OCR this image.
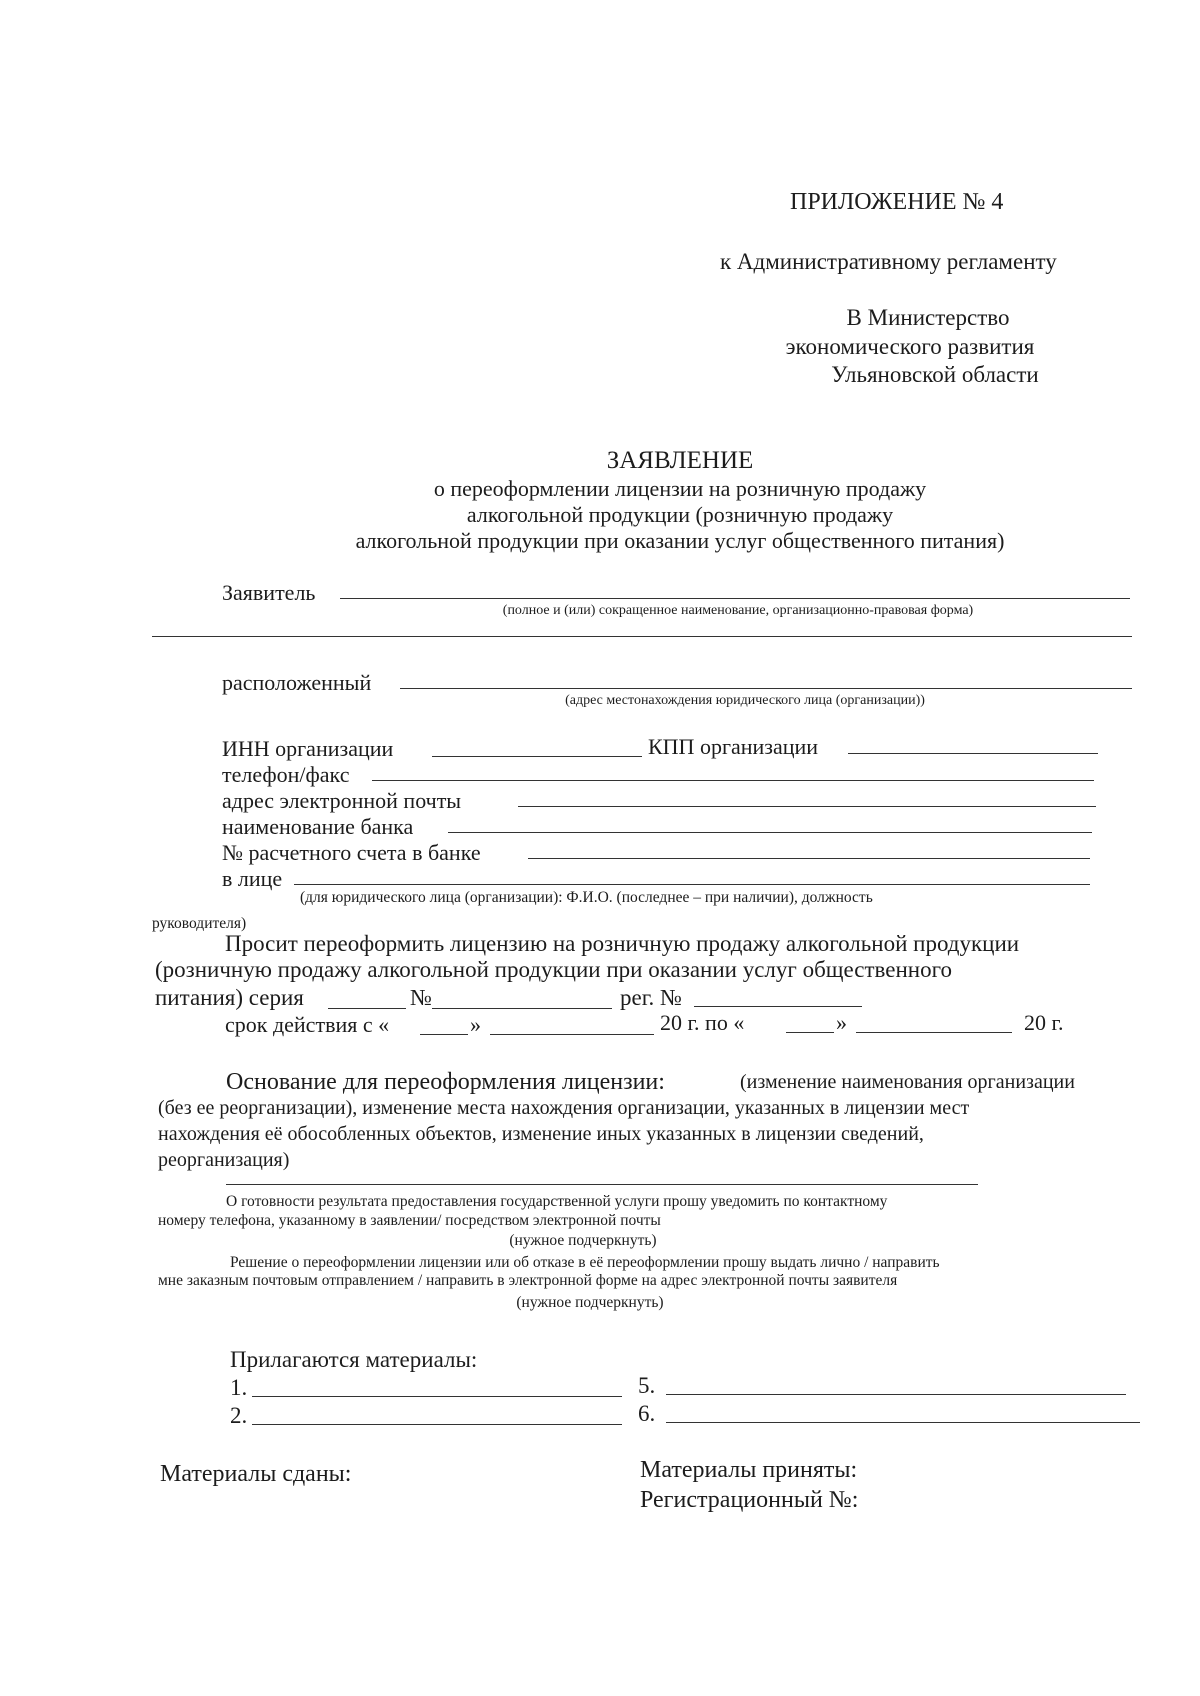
ПРИЛОЖЕНИЕ № 4
к Административному регламенту
В Министерство
экономического развития
Ульяновской области
ЗАЯВЛЕНИЕ
о переоформлении лицензии на розничную продажу
алкогольной продукции (розничную продажу
алкогольной продукции при оказании услуг общественного питания)
Заявитель
(полное и (или) сокращенное наименование, организационно-правовая форма)
расположенный
(адрес местонахождения юридического лица (организации))
ИНН организации	КПП организации
телефон/факс
адрес электронной почты
наименование банка
№ расчетного счета в банке
в лице
(для юридического лица (организации): Ф.И.О. (последнее – при наличии), должность
руководителя)
Просит переоформить лицензию на розничную продажу алкогольной продукции
(розничную продажу алкогольной продукции при оказании услуг общественного
питания) серия	№	рег. №
срок действия с «	»	20 г. по «	»	20 г.
Основание для переоформления лицензии:	(изменение наименования организации
(без ее реорганизации), изменение места нахождения организации, указанных в лицензии мест
нахождения её обособленных объектов, изменение иных указанных в лицензии сведений,
реорганизация)
О готовности результата предоставления государственной услуги прошу уведомить по контактному
номеру телефона, указанному в заявлении/ посредством электронной почты
(нужное подчеркнуть)
Решение о переоформлении лицензии или об отказе в её переоформлении прошу выдать лично / направить
мне заказным почтовым отправлением / направить в электронной форме на адрес электронной почты заявителя
(нужное подчеркнуть)
Прилагаются материалы:
1.
2.
5.
6.
Материалы сданы:	Материалы приняты:
Регистрационный №:
